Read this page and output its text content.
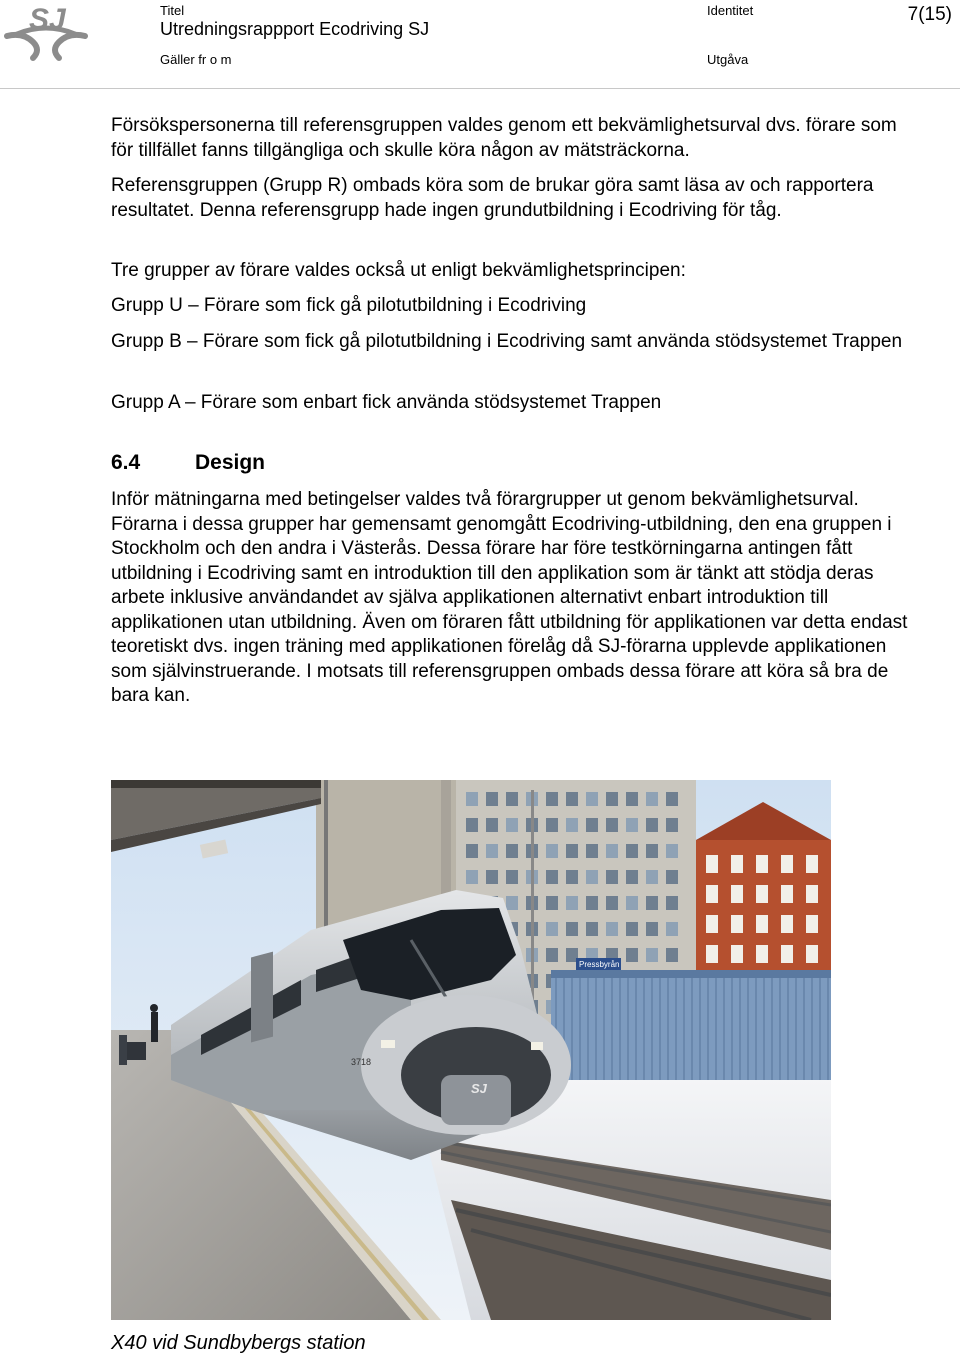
SJ	Titel
Utredningsrappport Ecodriving SJ
Gäller fr o m
Identitet
Utgåva
7(15)

Försökspersonerna till referensgruppen valdes genom ett bekvämlighetsurval dvs. förare som för tillfället fanns tillgängliga och skulle köra någon av mätsträckorna.

Referensgruppen (Grupp R) ombads köra som de brukar göra samt läsa av och rapportera resultatet. Denna referensgrupp hade ingen grundutbildning i Ecodriving för tåg.

Tre grupper av förare valdes också ut enligt bekvämlighetsprincipen:

Grupp U – Förare som fick gå pilotutbildning i Ecodriving

Grupp B – Förare som fick gå pilotutbildning i Ecodriving samt använda stödsystemet Trappen

Grupp A – Förare som enbart fick använda stödsystemet Trappen

6.4	Design

Inför mätningarna med betingelser valdes två förargrupper ut genom bekvämlighetsurval. Förarna i dessa grupper har gemensamt genomgått Ecodriving-utbildning, den ena gruppen i Stockholm och den andra i Västerås. Dessa förare har före testkörningarna antingen fått utbildning i Ecodriving samt en introduktion till den applikation som är tänkt att stödja deras arbete inklusive användandet av själva applikationen alternativt enbart introduktion till applikationen utan utbildning. Även om föraren fått utbildning för applikationen var detta endast teoretiskt dvs. ingen träning med applikationen förelåg då SJ-förarna upplevde applikationen som självinstruerande. I motsats till referensgruppen ombads dessa förare att köra så bra de bara kan.

SJ
3718
Pressbyrån
X40 vid Sundbybergs station
